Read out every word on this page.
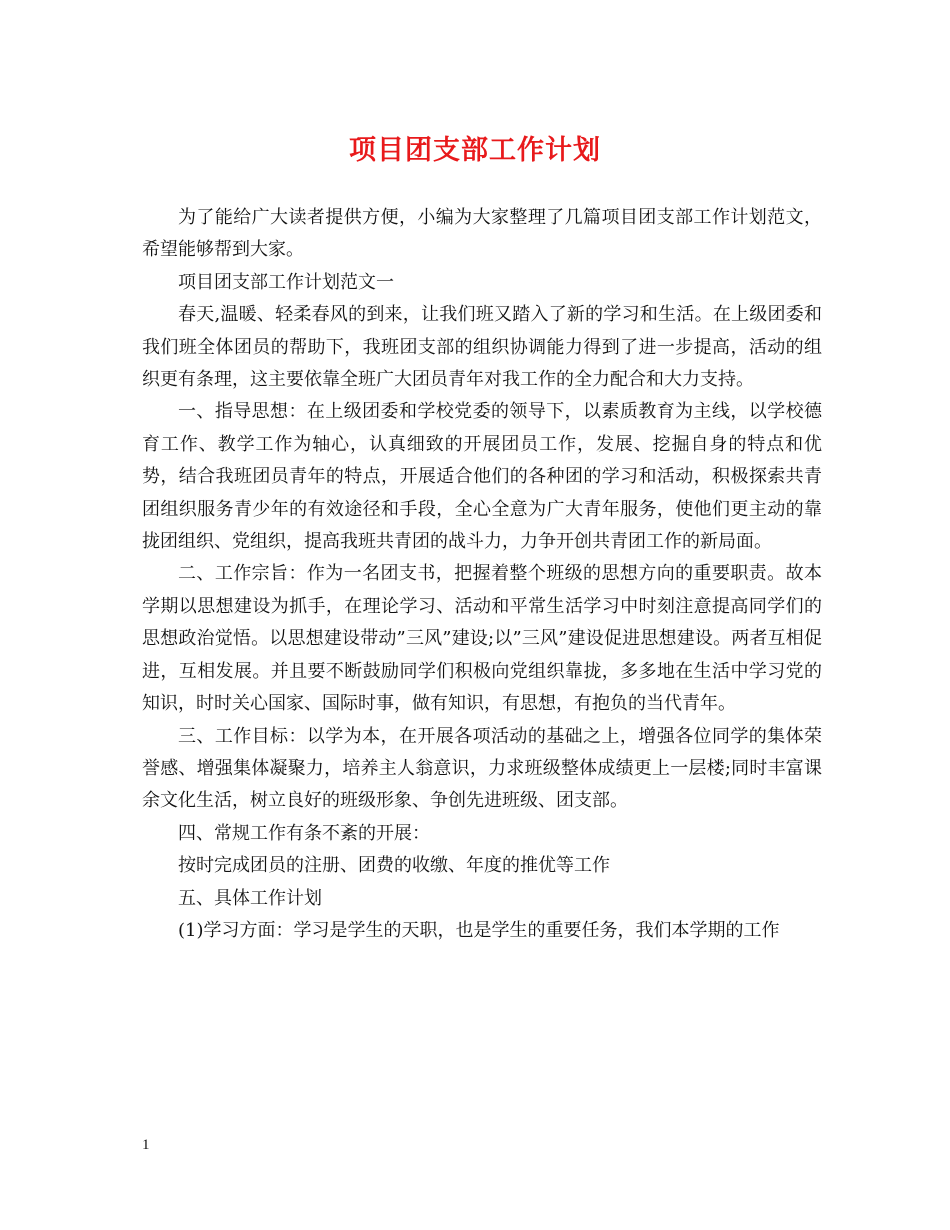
项目团支部工作计划

为了能给广大读者提供方便，小编为大家整理了几篇项目团支部工作计划范文，希望能够帮到大家。

项目团支部工作计划范文一

春天,温暖、轻柔春风的到来，让我们班又踏入了新的学习和生活。在上级团委和我们班全体团员的帮助下，我班团支部的组织协调能力得到了进一步提高，活动的组织更有条理，这主要依靠全班广大团员青年对我工作的全力配合和大力支持。

一、指导思想：在上级团委和学校党委的领导下，以素质教育为主线，以学校德育工作、教学工作为轴心，认真细致的开展团员工作，发展、挖掘自身的特点和优势，结合我班团员青年的特点，开展适合他们的各种团的学习和活动，积极探索共青团组织服务青少年的有效途径和手段，全心全意为广大青年服务，使他们更主动的靠拢团组织、党组织，提高我班共青团的战斗力，力争开创共青团工作的新局面。

二、工作宗旨：作为一名团支书，把握着整个班级的思想方向的重要职责。故本学期以思想建设为抓手，在理论学习、活动和平常生活学习中时刻注意提高同学们的思想政治觉悟。以思想建设带动”三风”建设;以”三风”建设促进思想建设。两者互相促进，互相发展。并且要不断鼓励同学们积极向党组织靠拢，多多地在生活中学习党的知识，时时关心国家、国际时事，做有知识，有思想，有抱负的当代青年。

三、工作目标：以学为本，在开展各项活动的基础之上，增强各位同学的集体荣誉感、增强集体凝聚力，培养主人翁意识，力求班级整体成绩更上一层楼;同时丰富课余文化生活，树立良好的班级形象、争创先进班级、团支部。

四、常规工作有条不紊的开展：

按时完成团员的注册、团费的收缴、年度的推优等工作

五、具体工作计划

(1)学习方面：学习是学生的天职，也是学生的重要任务，我们本学期的工作

1
